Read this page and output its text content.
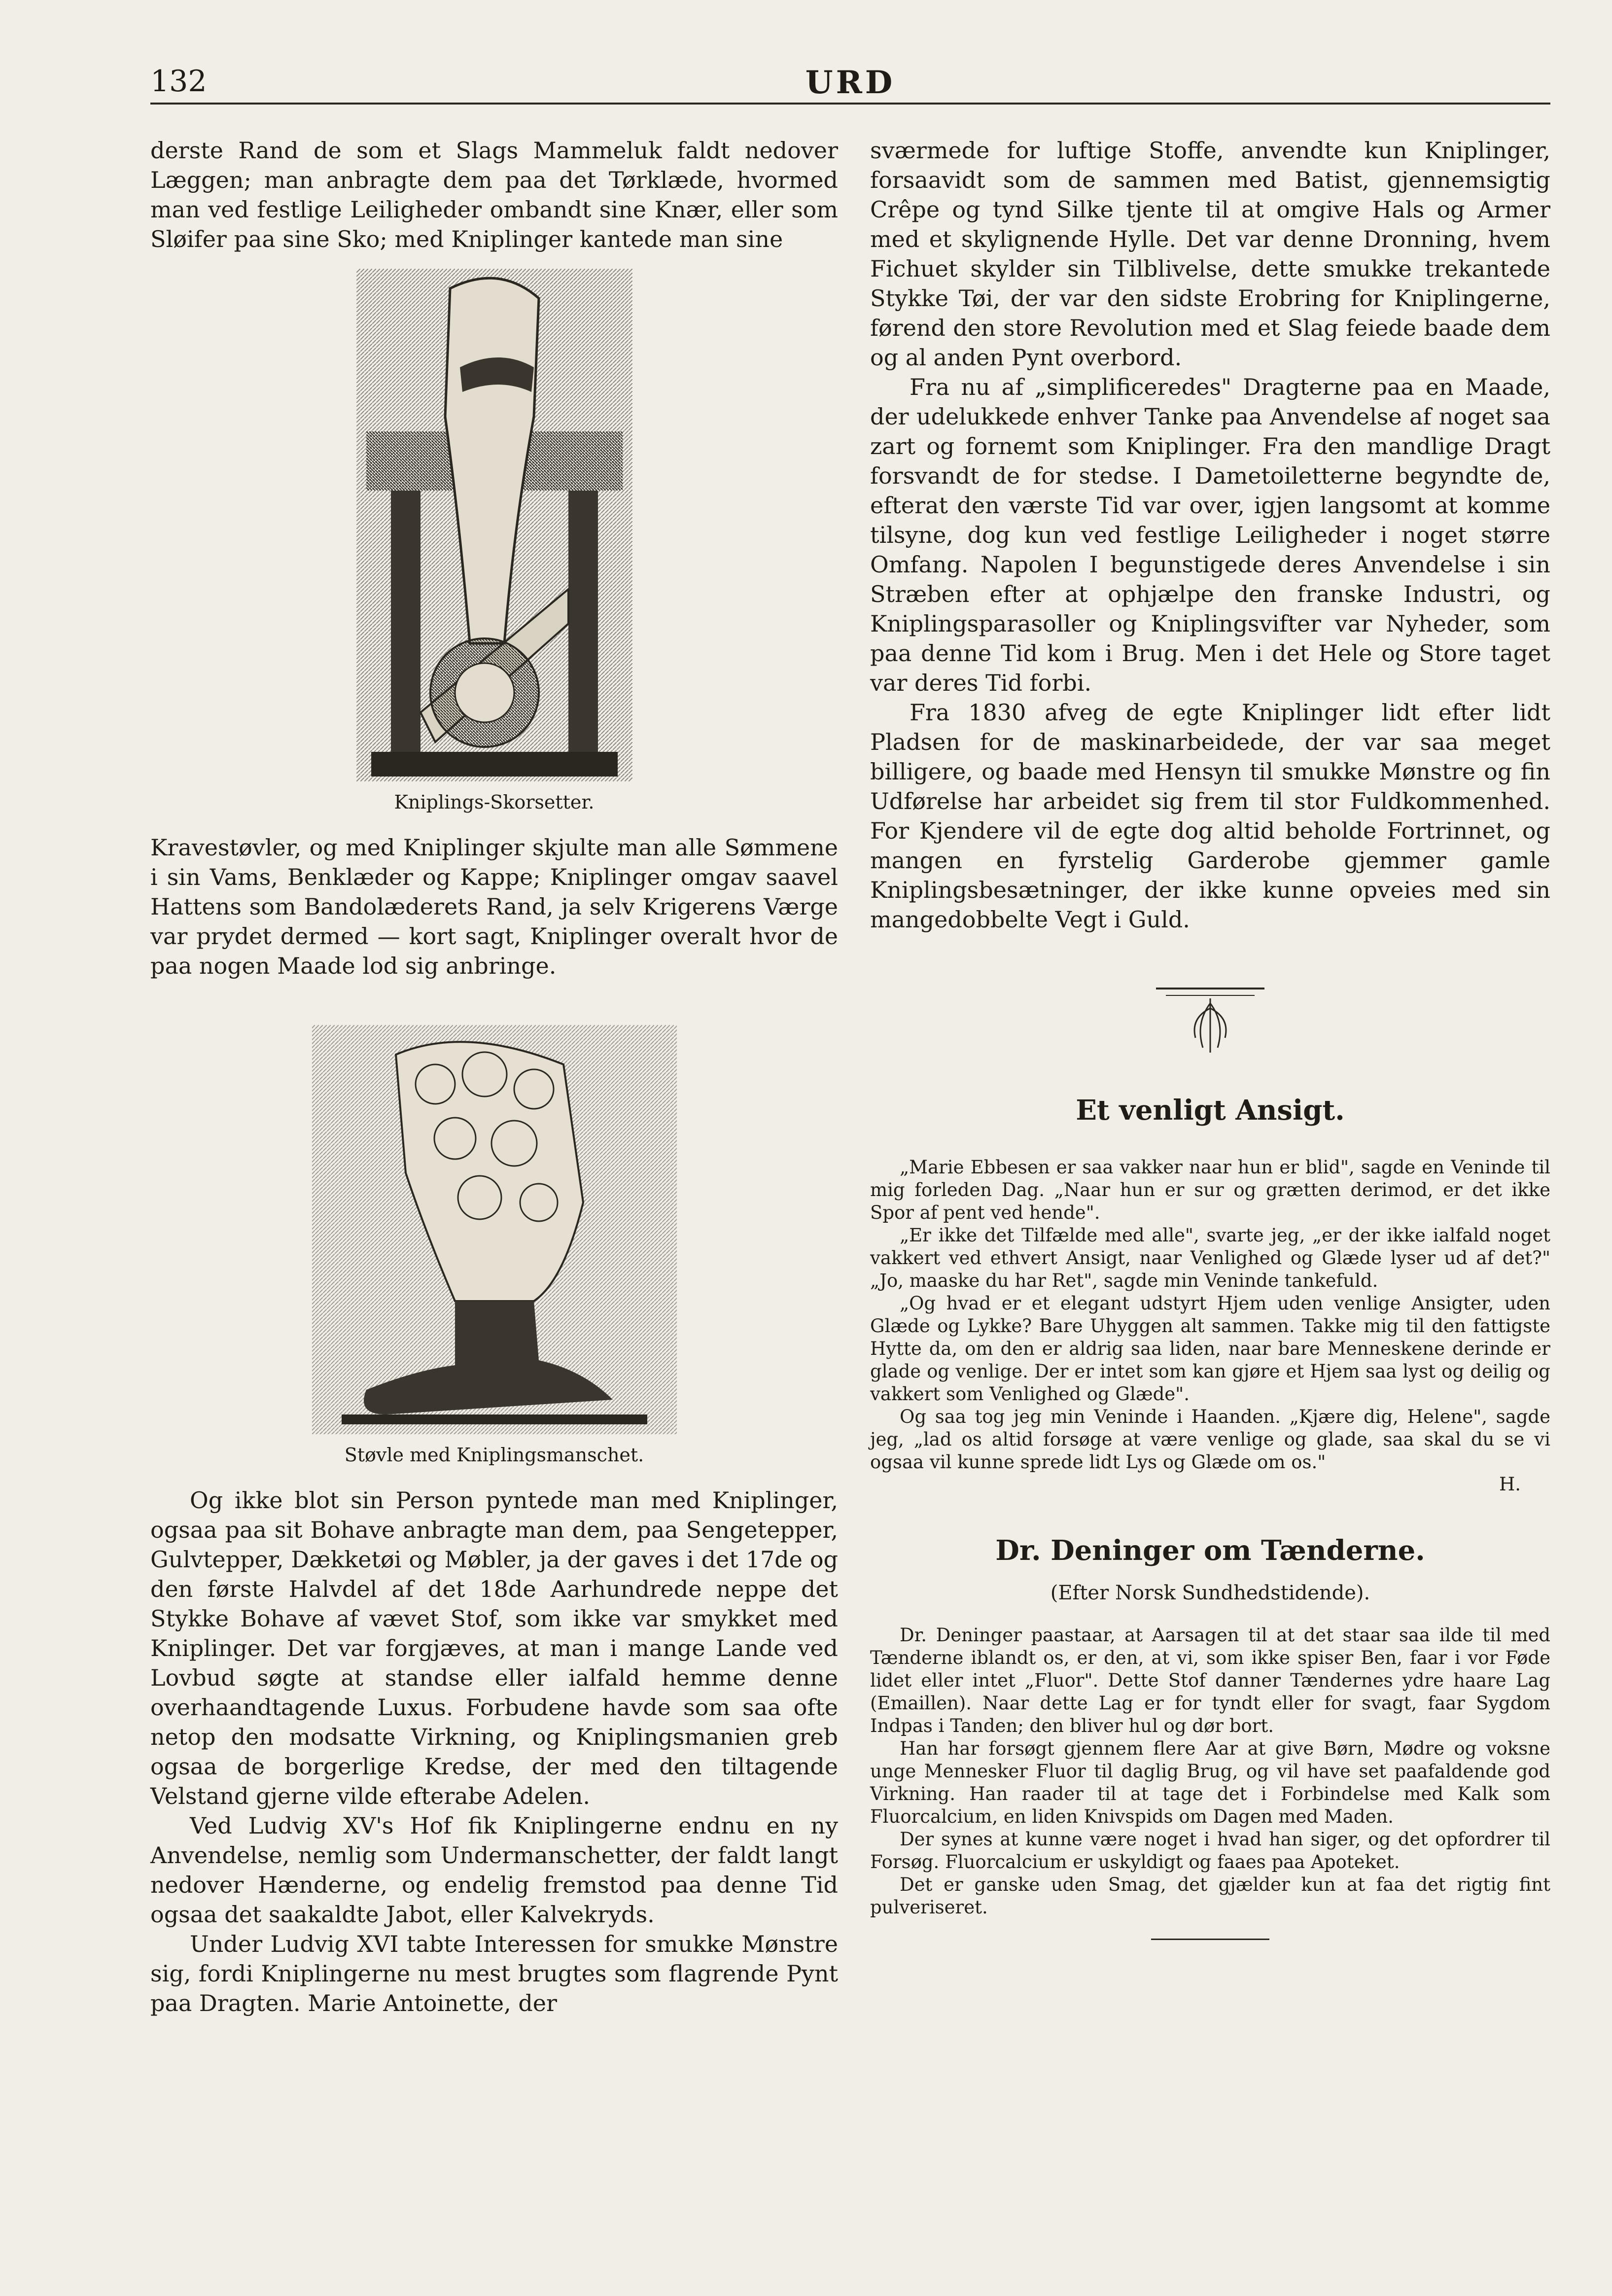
132	URD

derste Rand de som et Slags Mammeluk faldt nedover Læggen; man anbragte dem paa det Tørklæde, hvormed man ved festlige Leiligheder ombandt sine Knær, eller som Sløifer paa sine Sko; med Kniplinger kantede man sine

Kniplings-Skorsetter.

Kravestøvler, og med Kniplinger skjulte man alle Sømmene i sin Vams, Benklæder og Kappe; Kniplinger omgav saavel Hattens som Bandolæderets Rand, ja selv Krigerens Værge var prydet dermed — kort sagt, Kniplinger overalt hvor de paa nogen Maade lod sig anbringe.

Støvle med Kniplingsmanschet.

Og ikke blot sin Person pyntede man med Kniplinger, ogsaa paa sit Bohave anbragte man dem, paa Sengetepper, Gulvtepper, Dækketøi og Møbler, ja der gaves i det 17de og den første Halvdel af det 18de Aarhundrede neppe det Stykke Bohave af vævet Stof, som ikke var smykket med Kniplinger. Det var forgjæves, at man i mange Lande ved Lovbud søgte at standse eller ialfald hemme denne overhaandtagende Luxus. Forbudene havde som saa ofte netop den modsatte Virkning, og Kniplingsmanien greb ogsaa de borgerlige Kredse, der med den tiltagende Velstand gjerne vilde efterabe Adelen.

Ved Ludvig XV's Hof fik Kniplingerne endnu en ny Anvendelse, nemlig som Undermanschetter, der faldt langt nedover Hænderne, og endelig fremstod paa denne Tid ogsaa det saakaldte Jabot, eller Kalvekryds.

Under Ludvig XVI tabte Interessen for smukke Mønstre sig, fordi Kniplingerne nu mest brugtes som flagrende Pynt paa Dragten. Marie Antoinette, der

sværmede for luftige Stoffe, anvendte kun Kniplinger, forsaavidt som de sammen med Batist, gjennemsigtig Crêpe og tynd Silke tjente til at omgive Hals og Armer med et skylignende Hylle. Det var denne Dronning, hvem Fichuet skylder sin Tilblivelse, dette smukke trekantede Stykke Tøi, der var den sidste Erobring for Kniplingerne, førend den store Revolution med et Slag feiede baade dem og al anden Pynt overbord.

Fra nu af „simplificeredes" Dragterne paa en Maade, der udelukkede enhver Tanke paa Anvendelse af noget saa zart og fornemt som Kniplinger. Fra den mandlige Dragt forsvandt de for stedse. I Dametoiletterne begyndte de, efterat den værste Tid var over, igjen langsomt at komme tilsyne, dog kun ved festlige Leiligheder i noget større Omfang. Napolen I begunstigede deres Anvendelse i sin Stræben efter at ophjælpe den franske Industri, og Kniplingsparasoller og Kniplingsvifter var Nyheder, som paa denne Tid kom i Brug. Men i det Hele og Store taget var deres Tid forbi.

Fra 1830 afveg de egte Kniplinger lidt efter lidt Pladsen for de maskinarbeidede, der var saa meget billigere, og baade med Hensyn til smukke Mønstre og fin Udførelse har arbeidet sig frem til stor Fuldkommenhed. For Kjendere vil de egte dog altid beholde Fortrinnet, og mangen en fyrstelig Garderobe gjemmer gamle Kniplingsbesætninger, der ikke kunne opveies med sin mangedobbelte Vegt i Guld.

Et venligt Ansigt.

„Marie Ebbesen er saa vakker naar hun er blid", sagde en Veninde til mig forleden Dag. „Naar hun er sur og grætten derimod, er det ikke Spor af pent ved hende".

„Er ikke det Tilfælde med alle", svarte jeg, „er der ikke ialfald noget vakkert ved ethvert Ansigt, naar Venlighed og Glæde lyser ud af det?" „Jo, maaske du har Ret", sagde min Veninde tankefuld.

„Og hvad er et elegant udstyrt Hjem uden venlige Ansigter, uden Glæde og Lykke? Bare Uhyggen alt sammen. Takke mig til den fattigste Hytte da, om den er aldrig saa liden, naar bare Menneskene derinde er glade og venlige. Der er intet som kan gjøre et Hjem saa lyst og deilig og vakkert som Venlighed og Glæde".

Og saa tog jeg min Veninde i Haanden. „Kjære dig, Helene", sagde jeg, „lad os altid forsøge at være venlige og glade, saa skal du se vi ogsaa vil kunne sprede lidt Lys og Glæde om os."

H.
Dr. Deninger om Tænderne.
(Efter Norsk Sundhedstidende).

Dr. Deninger paastaar, at Aarsagen til at det staar saa ilde til med Tænderne iblandt os, er den, at vi, som ikke spiser Ben, faar i vor Føde lidet eller intet „Fluor". Dette Stof danner Tændernes ydre haare Lag (Emaillen). Naar dette Lag er for tyndt eller for svagt, faar Sygdom Indpas i Tanden; den bliver hul og dør bort.

Han har forsøgt gjennem flere Aar at give Børn, Mødre og voksne unge Mennesker Fluor til daglig Brug, og vil have set paafaldende god Virkning. Han raader til at tage det i Forbindelse med Kalk som Fluorcalcium, en liden Knivspids om Dagen med Maden.

Der synes at kunne være noget i hvad han siger, og det opfordrer til Forsøg. Fluorcalcium er uskyldigt og faaes paa Apoteket.

Det er ganske uden Smag, det gjælder kun at faa det rigtig fint pulveriseret.
